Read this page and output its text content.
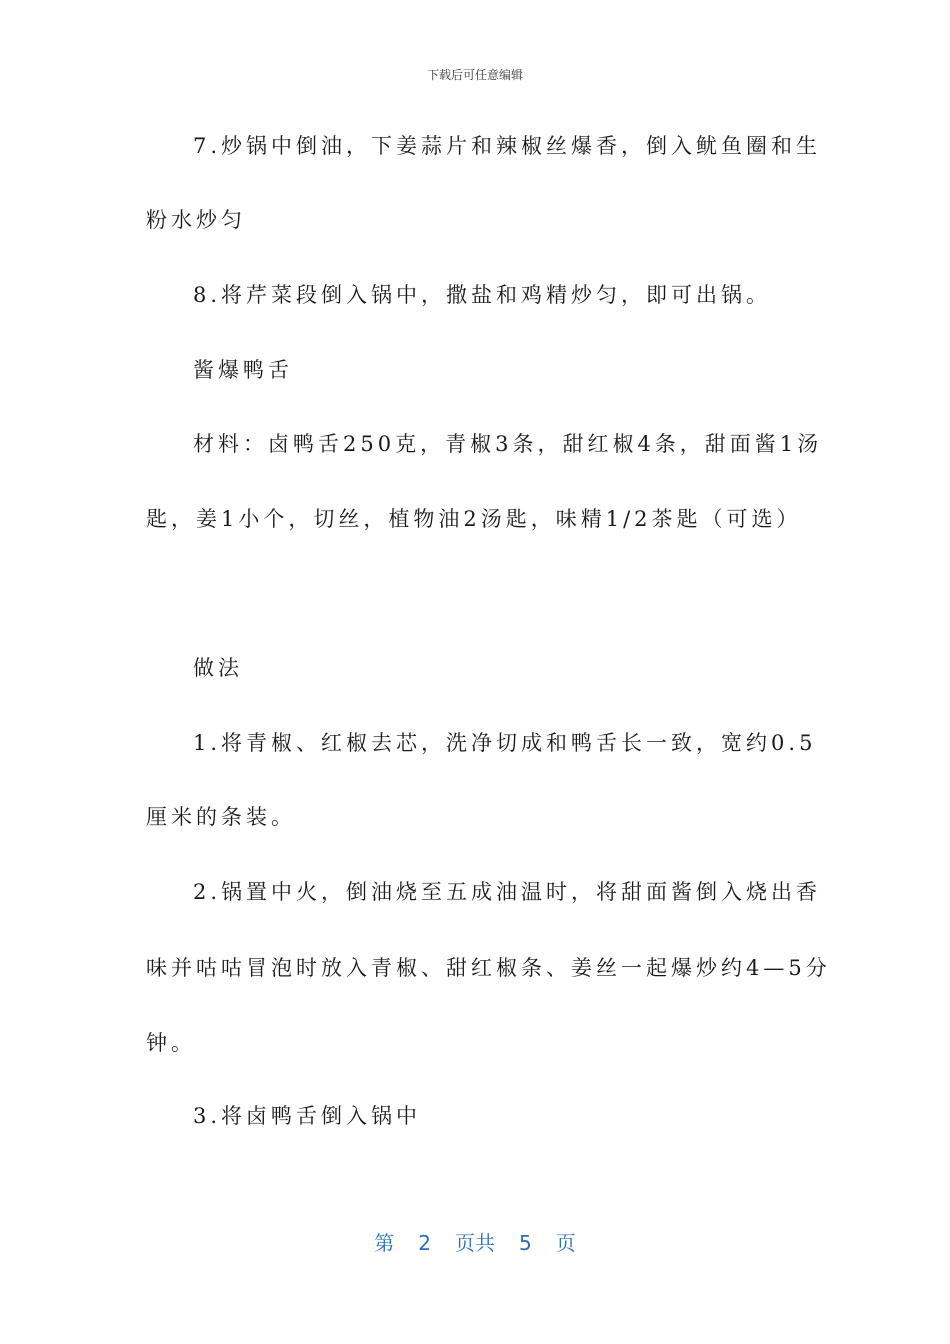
下载后可任意编辑
7.炒锅中倒油，下姜蒜片和辣椒丝爆香，倒入鱿鱼圈和生
粉水炒匀
8.将芹菜段倒入锅中，撒盐和鸡精炒匀，即可出锅。
酱爆鸭舌
材料：卤鸭舌250克，青椒3条，甜红椒4条，甜面酱1汤
匙，姜1小个，切丝，植物油2汤匙，味精1/2茶匙（可选）
做法
1.将青椒、红椒去芯，洗净切成和鸭舌长一致，宽约0.5
厘米的条装。
2.锅置中火，倒油烧至五成油温时，将甜面酱倒入烧出香
味并咕咕冒泡时放入青椒、甜红椒条、姜丝一起爆炒约4—5分
钟。
3.将卤鸭舌倒入锅中
第 2 页共 5 页
